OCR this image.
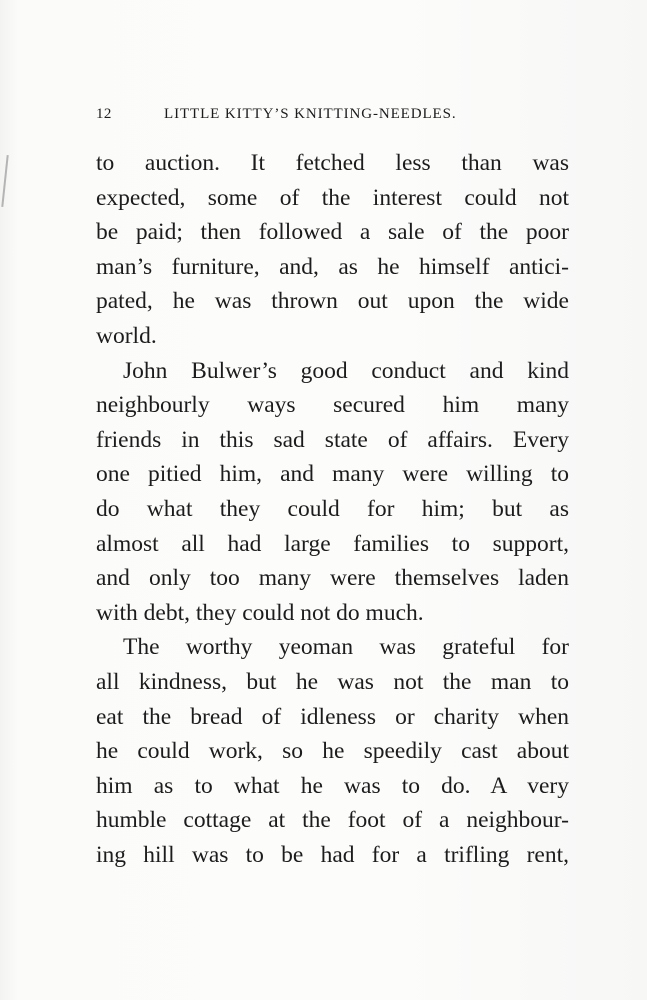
12	LITTLE KITTY’S KNITTING-NEEDLES.
to auction. It fetched less than was
expected, some of the interest could not
be paid; then followed a sale of the poor
man’s furniture, and, as he himself antici-
pated, he was thrown out upon the wide
world.
John Bulwer’s good conduct and kind
neighbourly ways secured him many
friends in this sad state of affairs. Every
one pitied him, and many were willing to
do what they could for him; but as
almost all had large families to support,
and only too many were themselves laden
with debt, they could not do much.
The worthy yeoman was grateful for
all kindness, but he was not the man to
eat the bread of idleness or charity when
he could work, so he speedily cast about
him as to what he was to do. A very
humble cottage at the foot of a neighbour-
ing hill was to be had for a trifling rent,
